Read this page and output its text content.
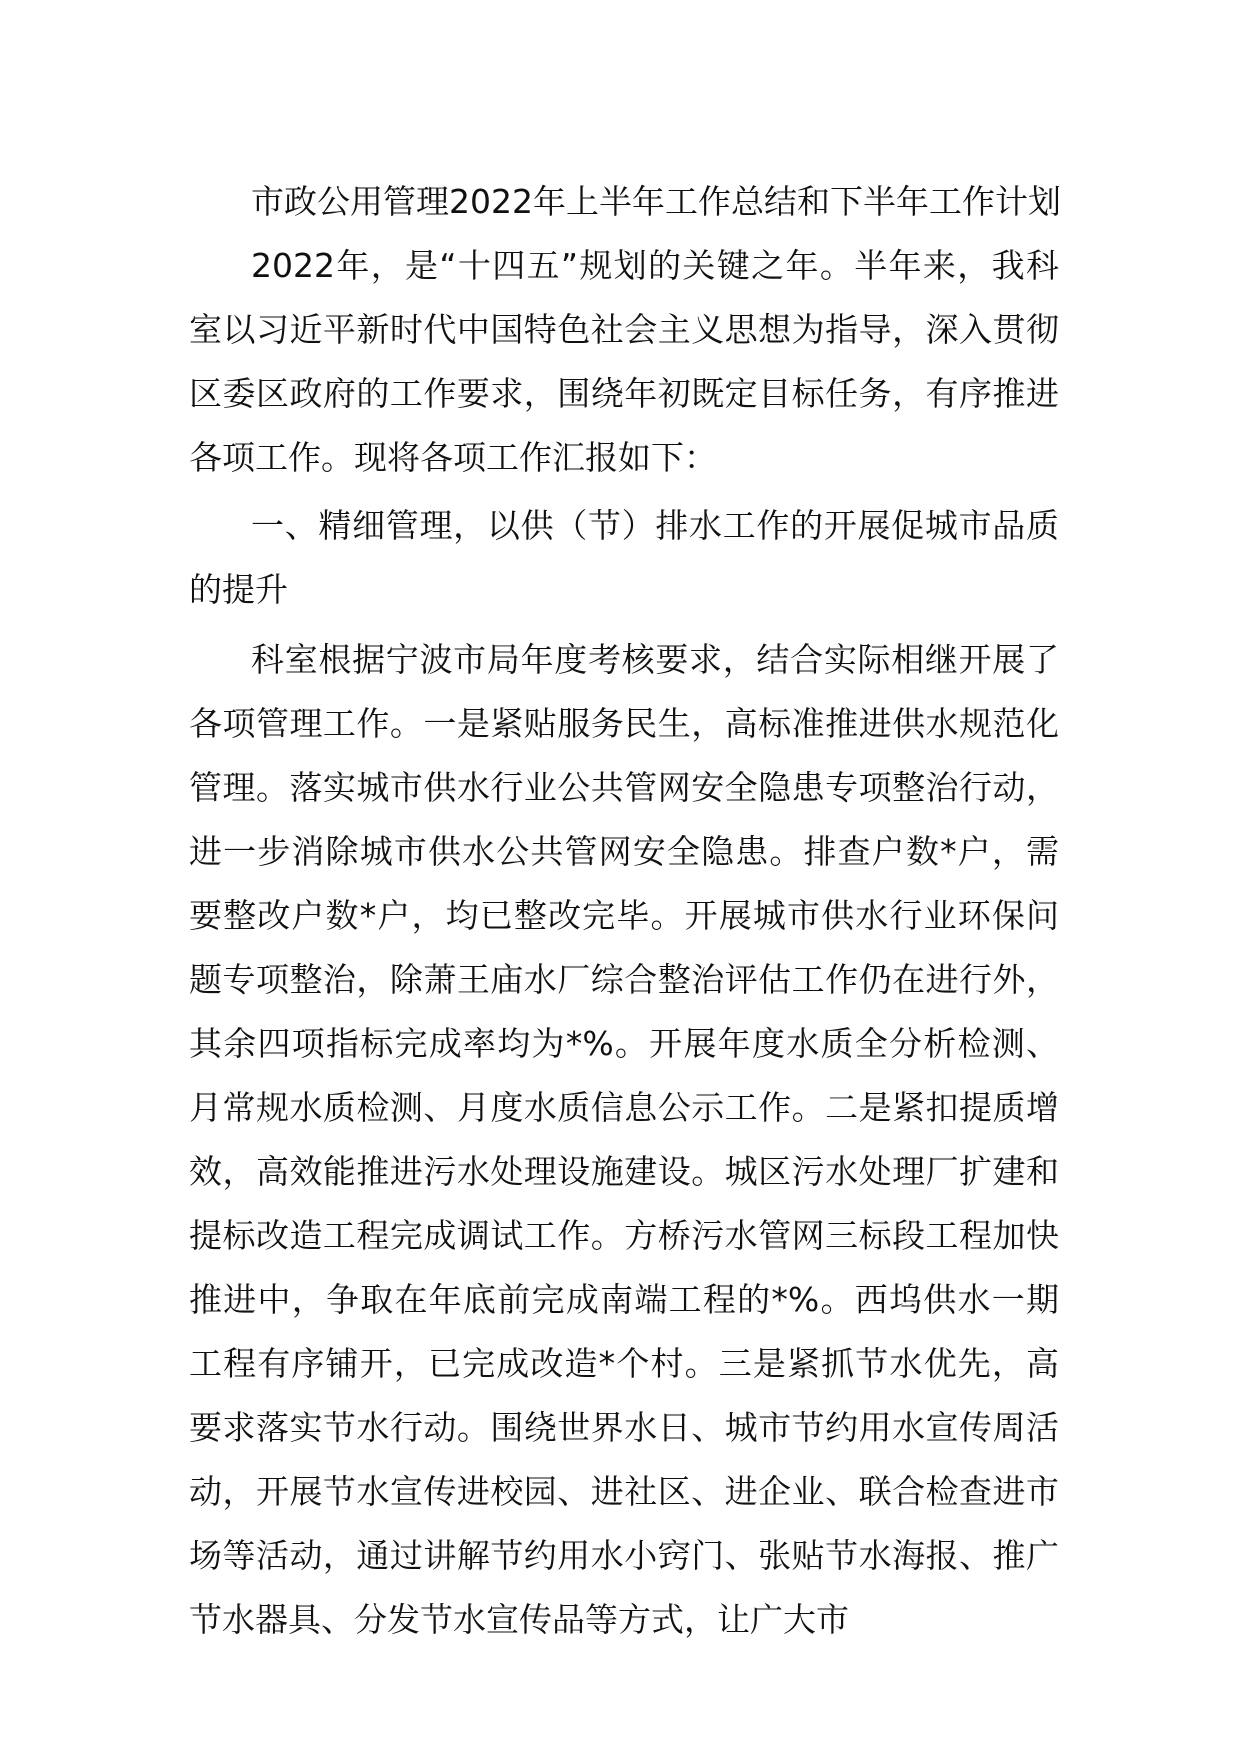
市政公用管理2022年上半年工作总结和下半年工作计划

2022年，是“十四五”规划的关键之年。半年来，我科室以习近平新时代中国特色社会主义思想为指导，深入贯彻区委区政府的工作要求，围绕年初既定目标任务，有序推进各项工作。现将各项工作汇报如下：

一、精细管理，以供（节）排水工作的开展促城市品质的提升

科室根据宁波市局年度考核要求，结合实际相继开展了各项管理工作。一是紧贴服务民生，高标准推进供水规范化管理。落实城市供水行业公共管网安全隐患专项整治行动，进一步消除城市供水公共管网安全隐患。排查户数*户，需要整改户数*户，均已整改完毕。开展城市供水行业环保问题专项整治，除萧王庙水厂综合整治评估工作仍在进行外，其余四项指标完成率均为*%。开展年度水质全分析检测、月常规水质检测、月度水质信息公示工作。二是紧扣提质增效，高效能推进污水处理设施建设。城区污水处理厂扩建和提标改造工程完成调试工作。方桥污水管网三标段工程加快推进中，争取在年底前完成南端工程的*%。西坞供水一期工程有序铺开，已完成改造*个村。三是紧抓节水优先，高要求落实节水行动。围绕世界水日、城市节约用水宣传周活动，开展节水宣传进校园、进社区、进企业、联合检查进市场等活动，通过讲解节约用水小窍门、张贴节水海报、推广节水器具、分发节水宣传品等方式，让广大市
